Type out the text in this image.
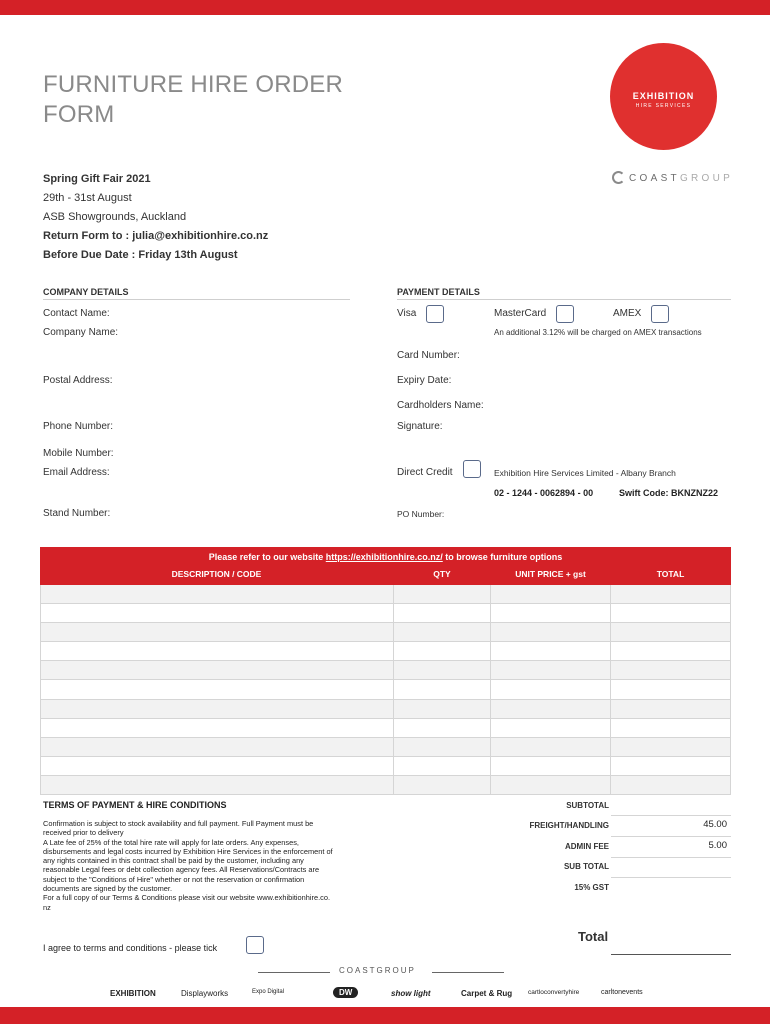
FURNITURE HIRE ORDER FORM
EXHIBITION
HIRE SERVICES
COASTGROUP
Spring Gift Fair 2021
29th - 31st August
ASB Showgrounds, Auckland
Return Form to : julia@exhibitionhire.co.nz
Before Due Date : Friday 13th August
COMPANY DETAILS
Contact Name:
Company Name:
Postal Address:
Phone Number:
Mobile Number:
Email Address:
Stand Number:
PAYMENT DETAILS
Visa	MasterCard	AMEX
An additional 3.12% will be charged on AMEX transactions
Card Number:
Expiry Date:
Cardholders Name:
Signature:
Direct Credit	Exhibition Hire Services Limited - Albany Branch
02 - 1244 - 0062894 - 00	Swift Code: BKNZNZ22
PO Number:
Please refer to our website https://exhibitionhire.co.nz/ to browse furniture options
DESCRIPTION / CODE	QTY	UNIT PRICE + gst	TOTAL
TERMS OF PAYMENT & HIRE CONDITIONS
Confirmation is subject to stock availability and full payment. Full Payment must be
received prior to delivery
A Late fee of 25% of the total hire rate will apply for late orders. Any expenses,
disbursements and legal costs incurred by Exhibition Hire Services in the enforcement of
any rights contained in this contract shall be paid by the customer, including any
reasonable Legal fees or debt collection agency fees. All Reservations/Contracts are
subject to the "Conditions of Hire" whether or not the reservation or confirmation
documents are signed by the customer.
For a full copy of our Terms & Conditions please visit our website www.exhibitionhire.co.
nz
SUBTOTAL
FREIGHT/HANDLING	45.00
ADMIN FEE	5.00
SUB TOTAL
15% GST
Total
I agree to terms and conditions - please tick
COASTGROUP
EXHIBITION	Displayworks	Expo Digital	DW	show light	Carpet & Rug cartloconvertyhire	carltonevents
